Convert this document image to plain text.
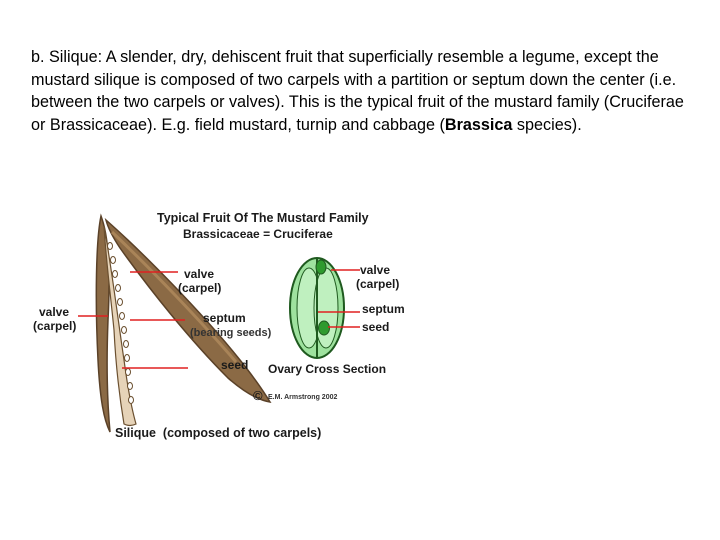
b. Silique: A slender, dry, dehiscent fruit that superficially resemble a legume, except the mustard silique is composed of two carpels with a partition or septum down the center (i.e. between the two carpels or valves). This is the typical fruit of the mustard family (Cruciferae or Brassicaceae). E.g. field mustard, turnip and cabbage (Brassica species).
Typical Fruit Of The Mustard Family
Brassicaceae = Cruciferae
valve
(carpel)
valve
(carpel)
septum
(bearing seeds)
seed
valve
(carpel)
septum
seed
Ovary Cross Section
© E.M. Armstrong 2002
Silique  (composed of two carpels)
